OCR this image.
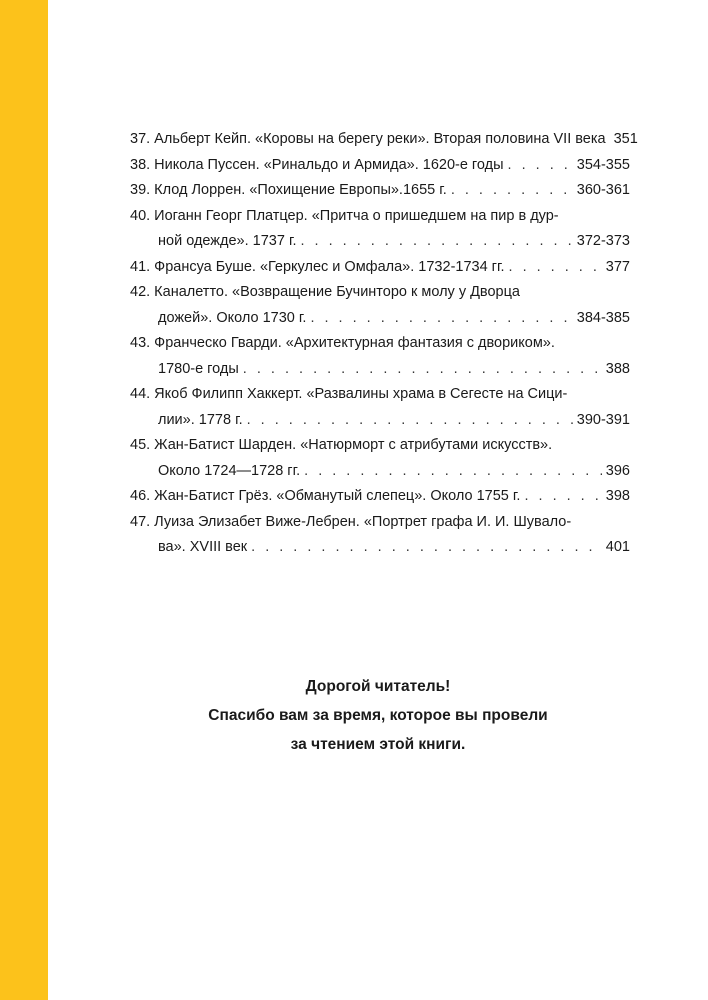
37. Альберт Кейп. «Коровы на берегу реки». Вторая половина VII века 351
38. Никола Пуссен. «Ринальдо и Армида». 1620-е годы . . .	354-355
39. Клод Лоррен. «Похищение Европы».1655 г. . . .	360-361
40. Иоганн Георг Платцер. «Притча о пришедшем на пир в дур-
ной одежде». 1737 г. . . .	372-373
41. Франсуа Буше. «Геркулес и Омфала». 1732-1734 гг. . . .	377
42. Каналетто. «Возвращение Бучинторо к молу у Дворца
дожей». Около 1730 г. . . .	384-385
43. Франческо Гварди. «Архитектурная фантазия с двориком».
1780-е годы . . .	388
44. Якоб Филипп Хаккерт. «Развалины храма в Сегесте на Сици-
лии». 1778 г. . . .	390-391
45. Жан-Батист Шарден. «Натюрморт с атрибутами искусств».
Около 1724—1728 гг. . . .	396
46. Жан-Батист Грёз. «Обманутый слепец». Около 1755 г. . . .	398
47. Луиза Элизабет Виже-Лебрен. «Портрет графа И. И. Шувало-
ва». XVIII век . . .	401
Дорогой читатель!
Спасибо вам за время, которое вы провели
за чтением этой книги.
